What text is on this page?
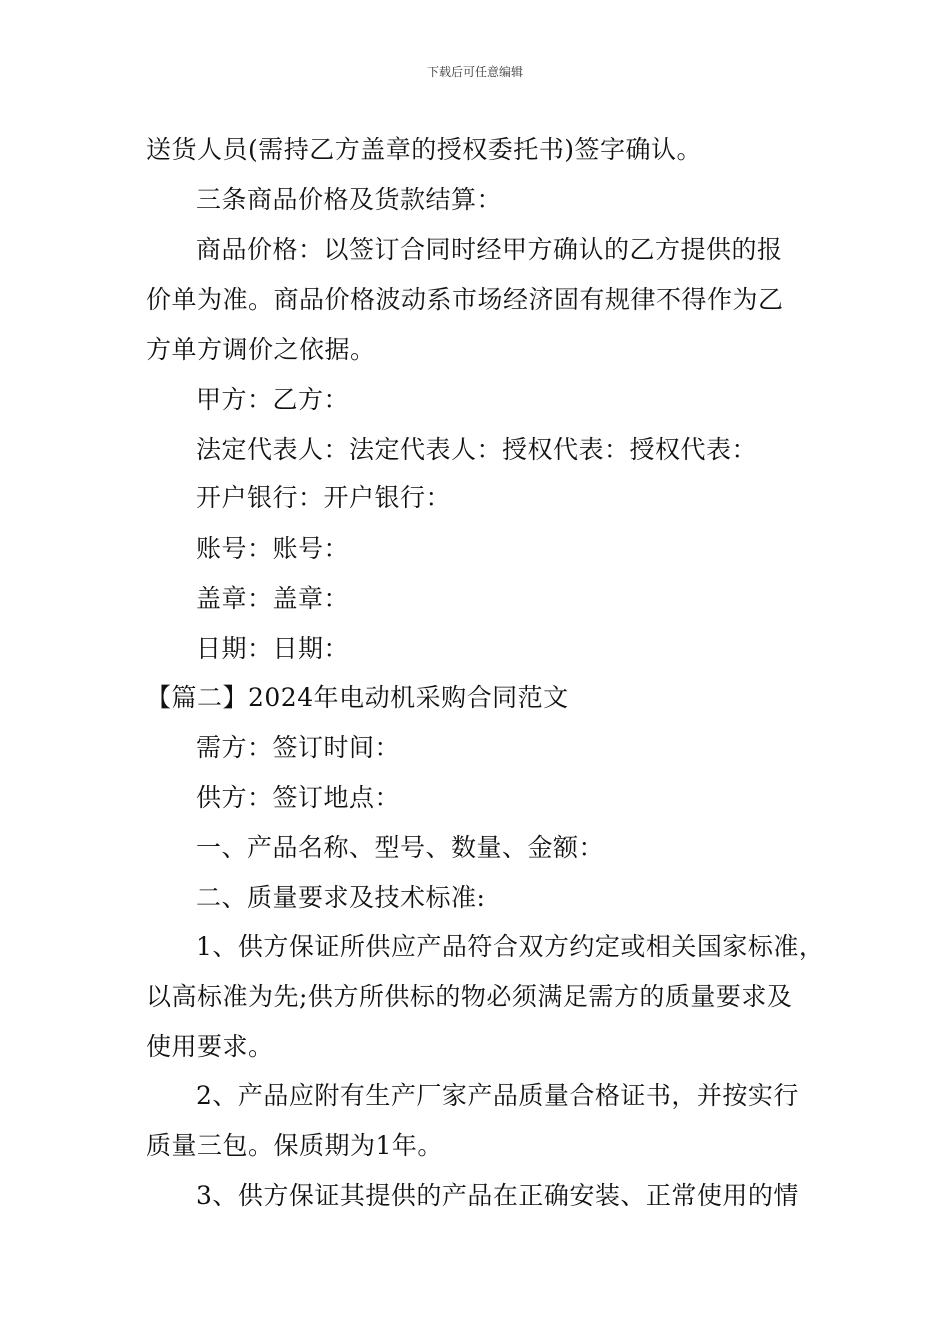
下载后可任意编辑
送货人员(需持乙方盖章的授权委托书)签字确认。
三条商品价格及货款结算：
商品价格：以签订合同时经甲方确认的乙方提供的报
价单为准。商品价格波动系市场经济固有规律不得作为乙
方单方调价之依据。
甲方：乙方：
法定代表人：法定代表人：授权代表：授权代表：
开户银行：开户银行：
账号：账号：
盖章：盖章：
日期：日期：
【篇二】2024年电动机采购合同范文
需方：签订时间：
供方：签订地点：
一、产品名称、型号、数量、金额：
二、质量要求及技术标准:
1、供方保证所供应产品符合双方约定或相关国家标准，
以高标准为先;供方所供标的物必须满足需方的质量要求及
使用要求。
2、产品应附有生产厂家产品质量合格证书，并按实行
质量三包。保质期为1年。
3、供方保证其提供的产品在正确安装、正常使用的情
